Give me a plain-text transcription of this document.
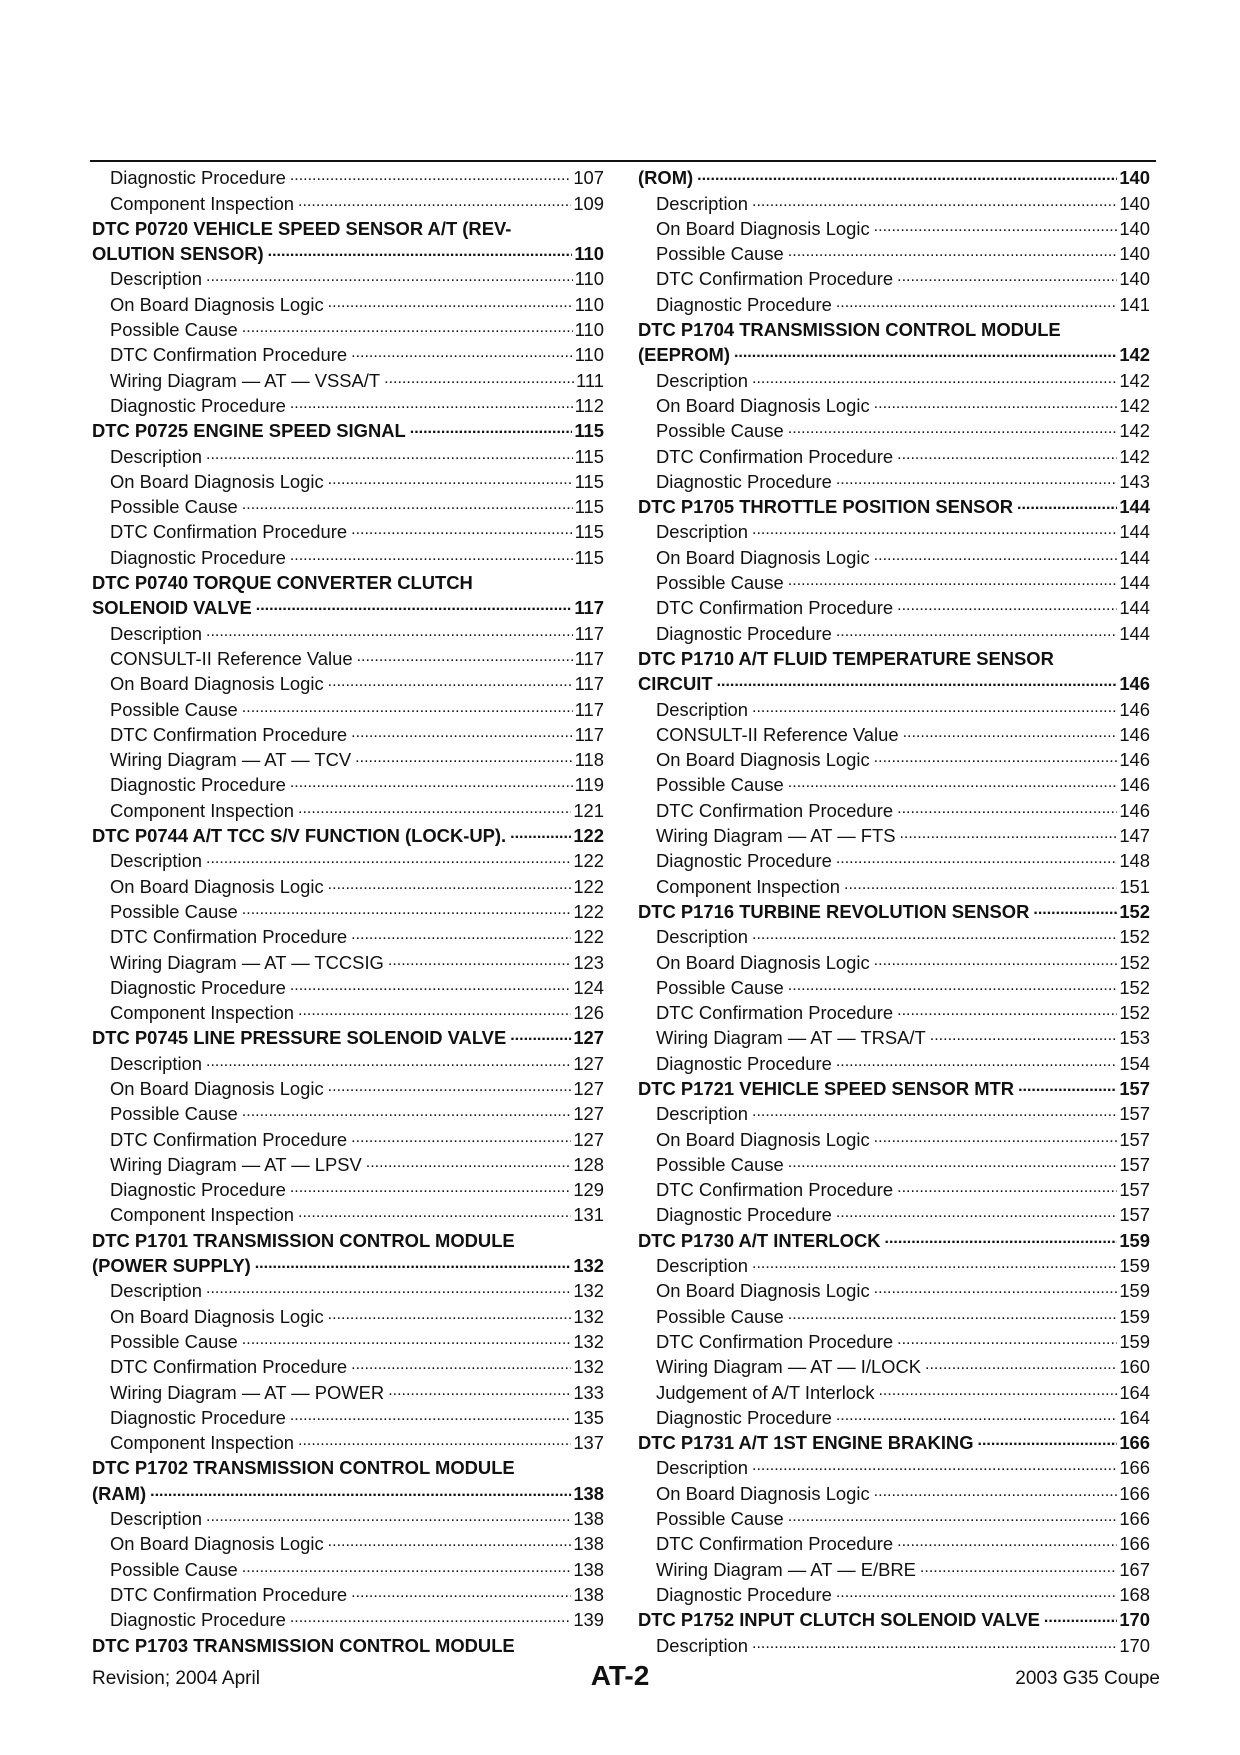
Diagnostic Procedure .....	107
Component Inspection .....	109
DTC P0720 VEHICLE SPEED SENSOR A/T (REV-
OLUTION SENSOR) .....	110
Description .....	110
On Board Diagnosis Logic .....	110
Possible Cause .....	110
DTC Confirmation Procedure .....	110
Wiring Diagram — AT — VSSA/T .....	111
Diagnostic Procedure .....	112
DTC P0725 ENGINE SPEED SIGNAL .....	115
Description .....	115
On Board Diagnosis Logic .....	115
Possible Cause .....	115
DTC Confirmation Procedure .....	115
Diagnostic Procedure .....	115
DTC P0740 TORQUE CONVERTER CLUTCH
SOLENOID VALVE .....	117
Description .....	117
CONSULT-II Reference Value .....	117
On Board Diagnosis Logic .....	117
Possible Cause .....	117
DTC Confirmation Procedure .....	117
Wiring Diagram — AT — TCV .....	118
Diagnostic Procedure .....	119
Component Inspection .....	121
DTC P0744 A/T TCC S/V FUNCTION (LOCK-UP). .....	122
Description .....	122
On Board Diagnosis Logic .....	122
Possible Cause .....	122
DTC Confirmation Procedure .....	122
Wiring Diagram — AT — TCCSIG .....	123
Diagnostic Procedure .....	124
Component Inspection .....	126
DTC P0745 LINE PRESSURE SOLENOID VALVE .....	127
Description .....	127
On Board Diagnosis Logic .....	127
Possible Cause .....	127
DTC Confirmation Procedure .....	127
Wiring Diagram — AT — LPSV .....	128
Diagnostic Procedure .....	129
Component Inspection .....	131
DTC P1701 TRANSMISSION CONTROL MODULE
(POWER SUPPLY) .....	132
Description .....	132
On Board Diagnosis Logic .....	132
Possible Cause .....	132
DTC Confirmation Procedure .....	132
Wiring Diagram — AT — POWER .....	133
Diagnostic Procedure .....	135
Component Inspection .....	137
DTC P1702 TRANSMISSION CONTROL MODULE
(RAM) .....	138
Description .....	138
On Board Diagnosis Logic .....	138
Possible Cause .....	138
DTC Confirmation Procedure .....	138
Diagnostic Procedure .....	139
DTC P1703 TRANSMISSION CONTROL MODULE
(ROM) .....	140
Description .....	140
On Board Diagnosis Logic .....	140
Possible Cause .....	140
DTC Confirmation Procedure .....	140
Diagnostic Procedure .....	141
DTC P1704 TRANSMISSION CONTROL MODULE
(EEPROM) .....	142
Description .....	142
On Board Diagnosis Logic .....	142
Possible Cause .....	142
DTC Confirmation Procedure .....	142
Diagnostic Procedure .....	143
DTC P1705 THROTTLE POSITION SENSOR .....	144
Description .....	144
On Board Diagnosis Logic .....	144
Possible Cause .....	144
DTC Confirmation Procedure .....	144
Diagnostic Procedure .....	144
DTC P1710 A/T FLUID TEMPERATURE SENSOR
CIRCUIT .....	146
Description .....	146
CONSULT-II Reference Value .....	146
On Board Diagnosis Logic .....	146
Possible Cause .....	146
DTC Confirmation Procedure .....	146
Wiring Diagram — AT — FTS .....	147
Diagnostic Procedure .....	148
Component Inspection .....	151
DTC P1716 TURBINE REVOLUTION SENSOR .....	152
Description .....	152
On Board Diagnosis Logic .....	152
Possible Cause .....	152
DTC Confirmation Procedure .....	152
Wiring Diagram — AT — TRSA/T .....	153
Diagnostic Procedure .....	154
DTC P1721 VEHICLE SPEED SENSOR MTR .....	157
Description .....	157
On Board Diagnosis Logic .....	157
Possible Cause .....	157
DTC Confirmation Procedure .....	157
Diagnostic Procedure .....	157
DTC P1730 A/T INTERLOCK .....	159
Description .....	159
On Board Diagnosis Logic .....	159
Possible Cause .....	159
DTC Confirmation Procedure .....	159
Wiring Diagram — AT — I/LOCK .....	160
Judgement of A/T Interlock .....	164
Diagnostic Procedure .....	164
DTC P1731 A/T 1ST ENGINE BRAKING .....	166
Description .....	166
On Board Diagnosis Logic .....	166
Possible Cause .....	166
DTC Confirmation Procedure .....	166
Wiring Diagram — AT — E/BRE .....	167
Diagnostic Procedure .....	168
DTC P1752 INPUT CLUTCH SOLENOID VALVE .....	170
Description .....	170
Revision; 2004 April	AT-2	2003 G35 Coupe
